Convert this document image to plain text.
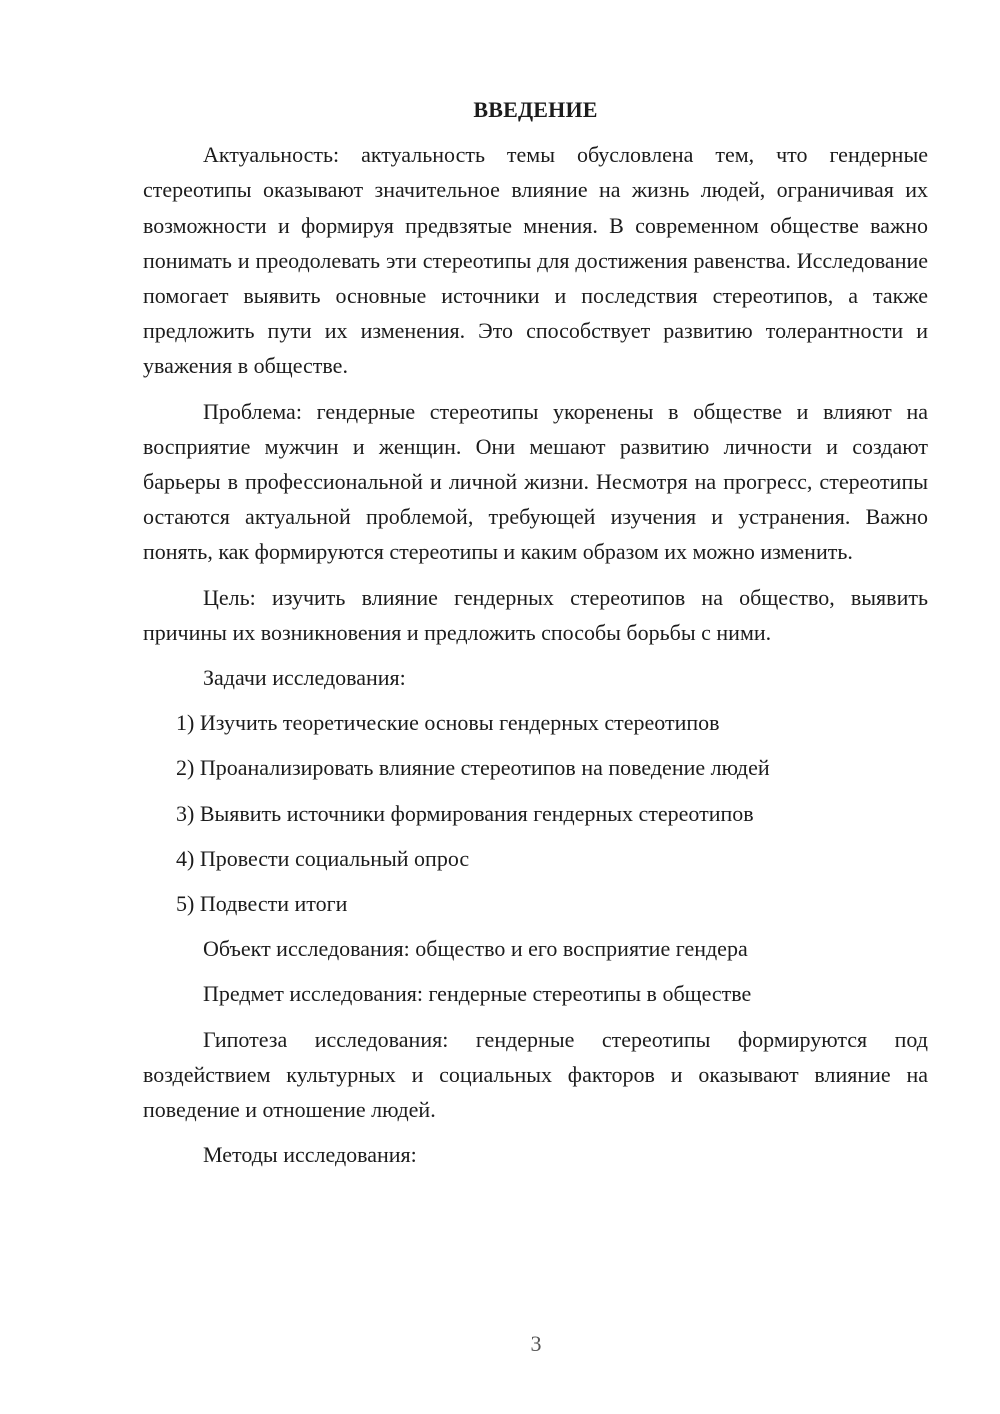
ВВЕДЕНИЕ

Актуальность: актуальность темы обусловлена тем, что гендерные стереотипы оказывают значительное влияние на жизнь людей, ограничивая их возможности и формируя предвзятые мнения. В современном обществе важно понимать и преодолевать эти стереотипы для достижения равенства. Исследование помогает выявить основные источники и последствия стереотипов, а также предложить пути их изменения. Это способствует развитию толерантности и уважения в обществе.

Проблема: гендерные стереотипы укоренены в обществе и влияют на восприятие мужчин и женщин. Они мешают развитию личности и создают барьеры в профессиональной и личной жизни. Несмотря на прогресс, стереотипы остаются актуальной проблемой, требующей изучения и устранения. Важно понять, как формируются стереотипы и каким образом их можно изменить.

Цель: изучить влияние гендерных стереотипов на общество, выявить причины их возникновения и предложить способы борьбы с ними.

Задачи исследования:
1) Изучить теоретические основы гендерных стереотипов
2) Проанализировать влияние стереотипов на поведение людей
3) Выявить источники формирования гендерных стереотипов
4) Провести социальный опрос
5) Подвести итоги
Объект исследования: общество и его восприятие гендера
Предмет исследования: гендерные стереотипы в обществе

Гипотеза исследования: гендерные стереотипы формируются под воздействием культурных и социальных факторов и оказывают влияние на поведение и отношение людей.

Методы исследования:
3
